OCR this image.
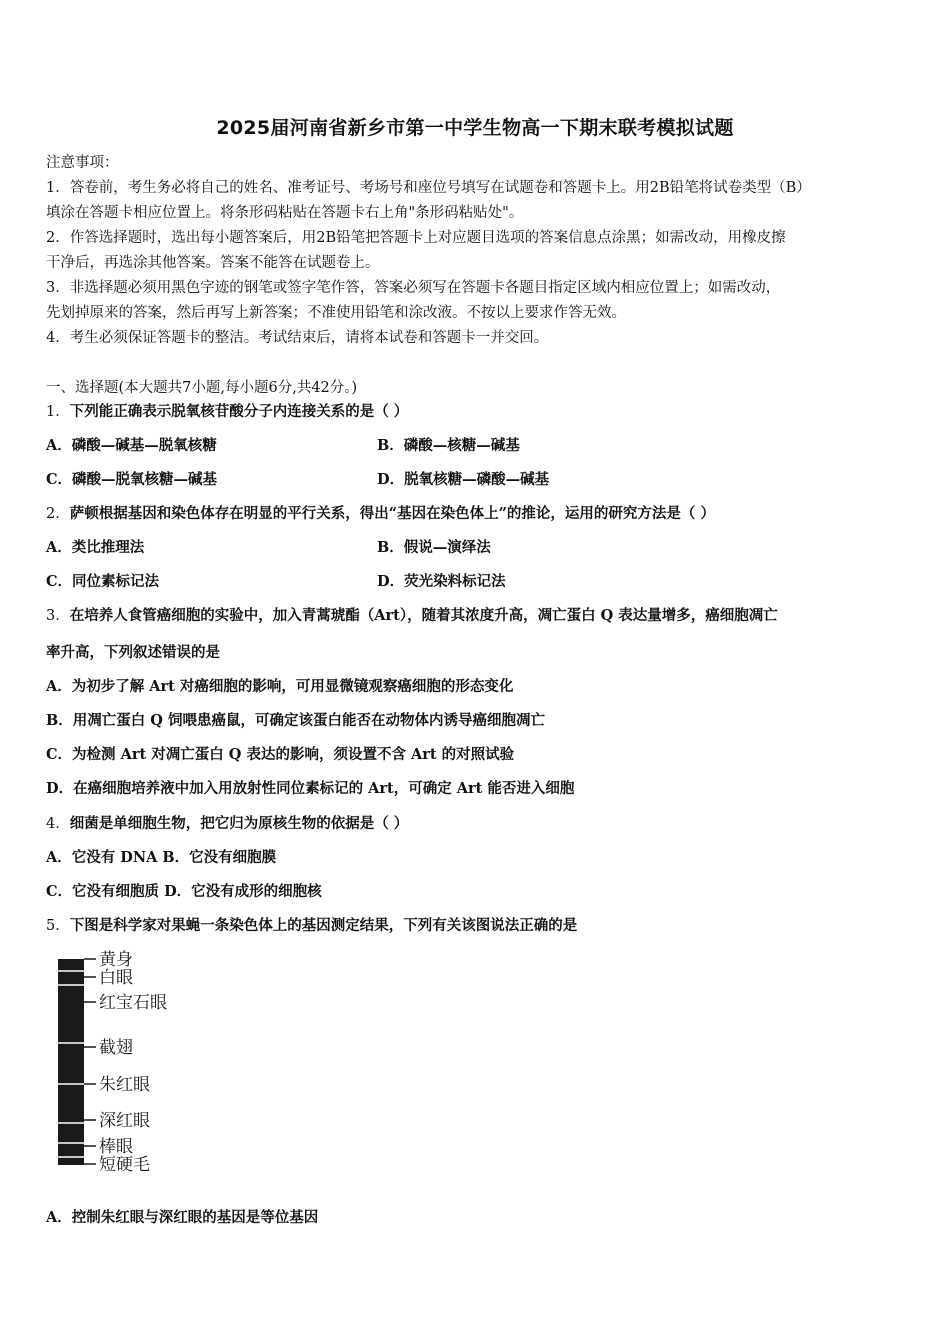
2025届河南省新乡市第一中学生物高一下期末联考模拟试题
注意事项：
1．答卷前，考生务必将自己的姓名、准考证号、考场号和座位号填写在试题卷和答题卡上。用2B铅笔将试卷类型（B）
填涂在答题卡相应位置上。将条形码粘贴在答题卡右上角"条形码粘贴处"。
2．作答选择题时，选出每小题答案后，用2B铅笔把答题卡上对应题目选项的答案信息点涂黑；如需改动，用橡皮擦
干净后，再选涂其他答案。答案不能答在试题卷上。
3．非选择题必须用黑色字迹的钢笔或签字笔作答，答案必须写在答题卡各题目指定区域内相应位置上；如需改动，
先划掉原来的答案，然后再写上新答案；不准使用铅笔和涂改液。不按以上要求作答无效。
4．考生必须保证答题卡的整洁。考试结束后，请将本试卷和答题卡一并交回。
一、选择题(本大题共7小题,每小题6分,共42分。)
1．下列能正确表示脱氧核苷酸分子内连接关系的是（ ）
A．磷酸—碱基—脱氧核糖	B．磷酸—核糖—碱基
C．磷酸—脱氧核糖—碱基	D．脱氧核糖—磷酸—碱基
2．萨顿根据基因和染色体存在明显的平行关系，得出“基因在染色体上”的推论，运用的研究方法是（ ）
A．类比推理法	B．假说—演绎法
C．同位素标记法	D．荧光染料标记法
3．在培养人食管癌细胞的实验中，加入青蒿琥酯（Art），随着其浓度升高，凋亡蛋白 Q 表达量增多，癌细胞凋亡
率升高，下列叙述错误的是
A．为初步了解 Art 对癌细胞的影响，可用显微镜观察癌细胞的形态变化
B．用凋亡蛋白 Q 饲喂患癌鼠，可确定该蛋白能否在动物体内诱导癌细胞凋亡
C．为检测 Art 对凋亡蛋白 Q 表达的影响，须设置不含 Art 的对照试验
D．在癌细胞培养液中加入用放射性同位素标记的 Art，可确定 Art 能否进入细胞
4．细菌是单细胞生物，把它归为原核生物的依据是（ ）
A．它没有 DNA B．它没有细胞膜
C．它没有细胞质 D．它没有成形的细胞核
5．下图是科学家对果蝇一条染色体上的基因测定结果，下列有关该图说法正确的是
黄身
白眼
红宝石眼
截翅
朱红眼
深红眼
棒眼
短硬毛
A．控制朱红眼与深红眼的基因是等位基因
